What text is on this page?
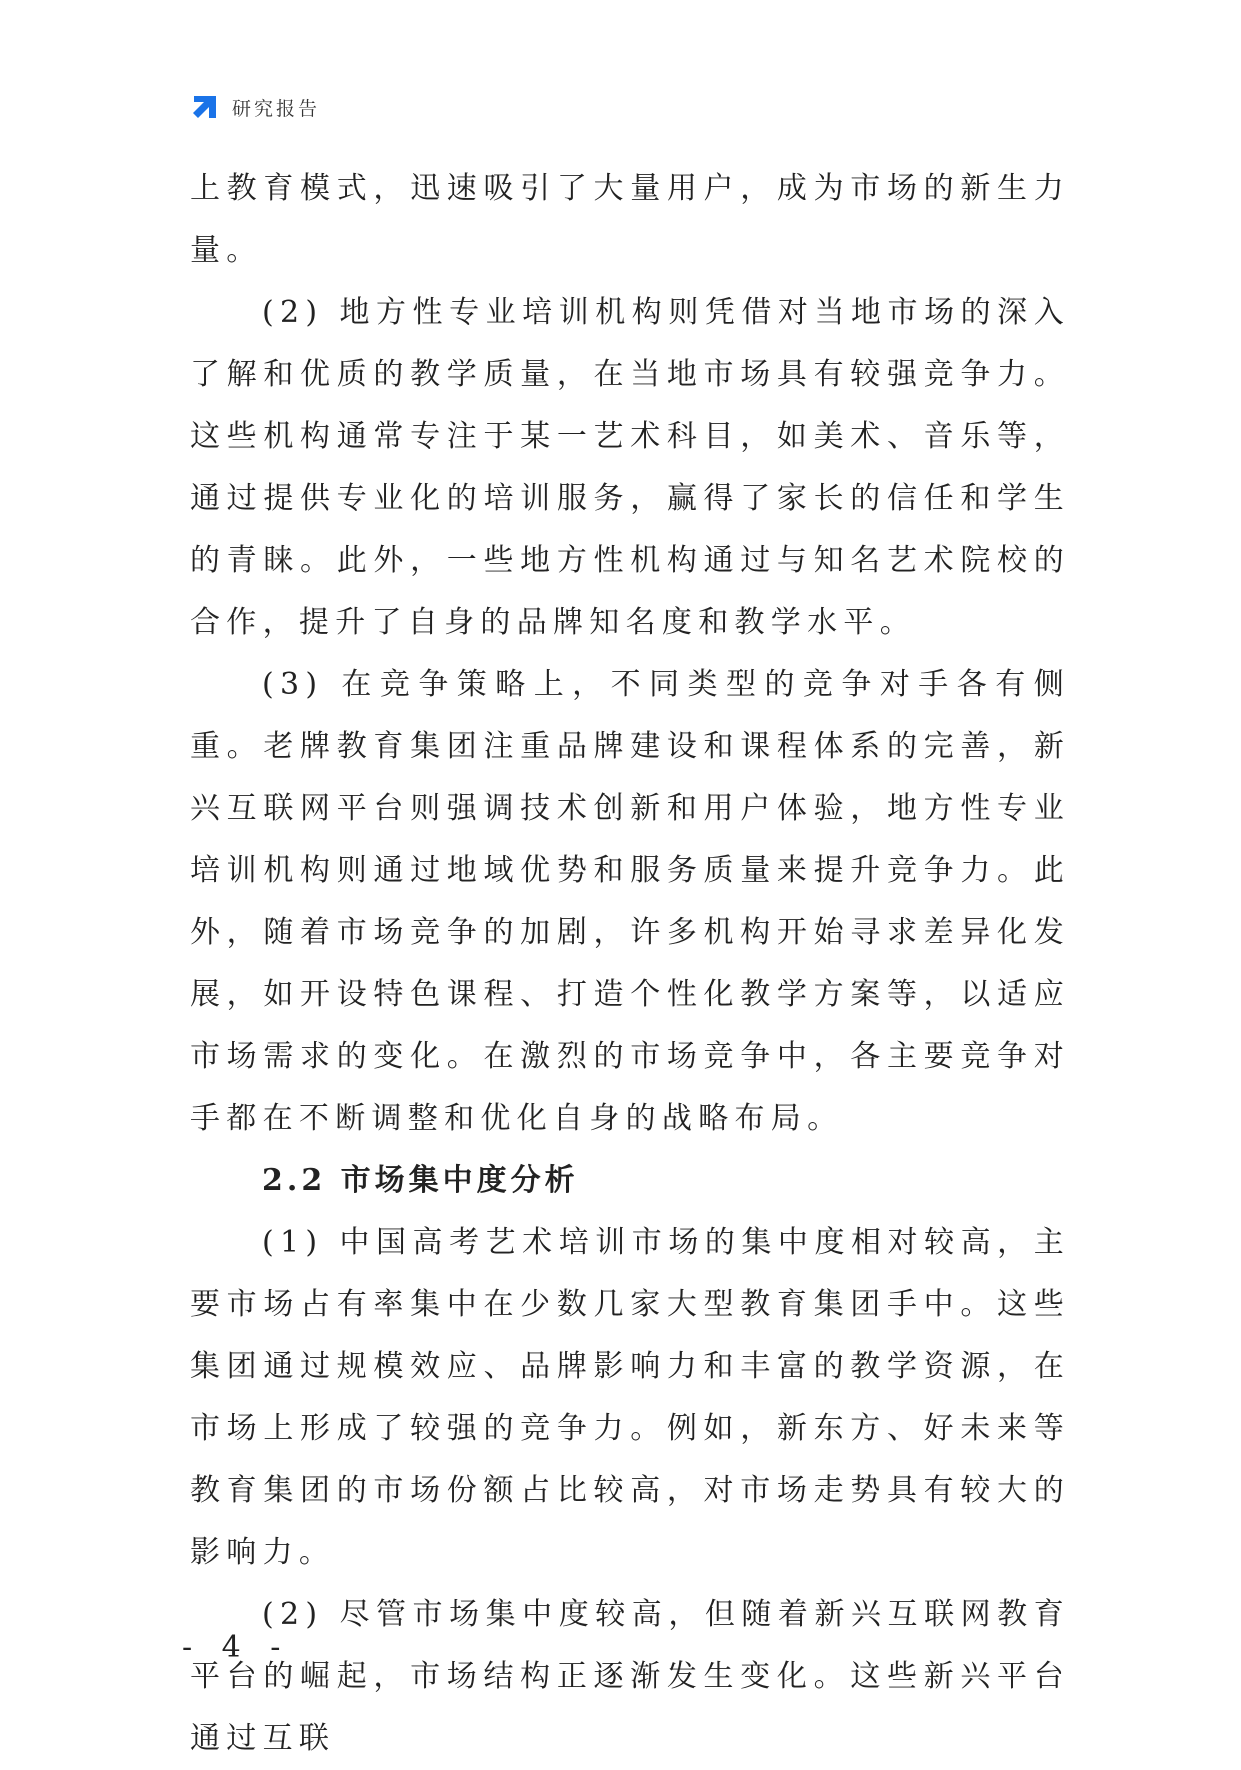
研究报告

上教育模式，迅速吸引了大量用户，成为市场的新生力量。

(2) 地方性专业培训机构则凭借对当地市场的深入了解和优质的教学质量，在当地市场具有较强竞争力。这些机构通常专注于某一艺术科目，如美术、音乐等，通过提供专业化的培训服务，赢得了家长的信任和学生的青睐。此外，一些地方性机构通过与知名艺术院校的合作，提升了自身的品牌知名度和教学水平。

(3) 在竞争策略上，不同类型的竞争对手各有侧重。老牌教育集团注重品牌建设和课程体系的完善，新兴互联网平台则强调技术创新和用户体验，地方性专业培训机构则通过地域优势和服务质量来提升竞争力。此外，随着市场竞争的加剧，许多机构开始寻求差异化发展，如开设特色课程、打造个性化教学方案等，以适应市场需求的变化。在激烈的市场竞争中，各主要竞争对手都在不断调整和优化自身的战略布局。

2.2 市场集中度分析

(1) 中国高考艺术培训市场的集中度相对较高，主要市场占有率集中在少数几家大型教育集团手中。这些集团通过规模效应、品牌影响力和丰富的教学资源，在市场上形成了较强的竞争力。例如，新东方、好未来等教育集团的市场份额占比较高，对市场走势具有较大的影响力。

(2) 尽管市场集中度较高，但随着新兴互联网教育平台的崛起，市场结构正逐渐发生变化。这些新兴平台通过互联

- 4 -
